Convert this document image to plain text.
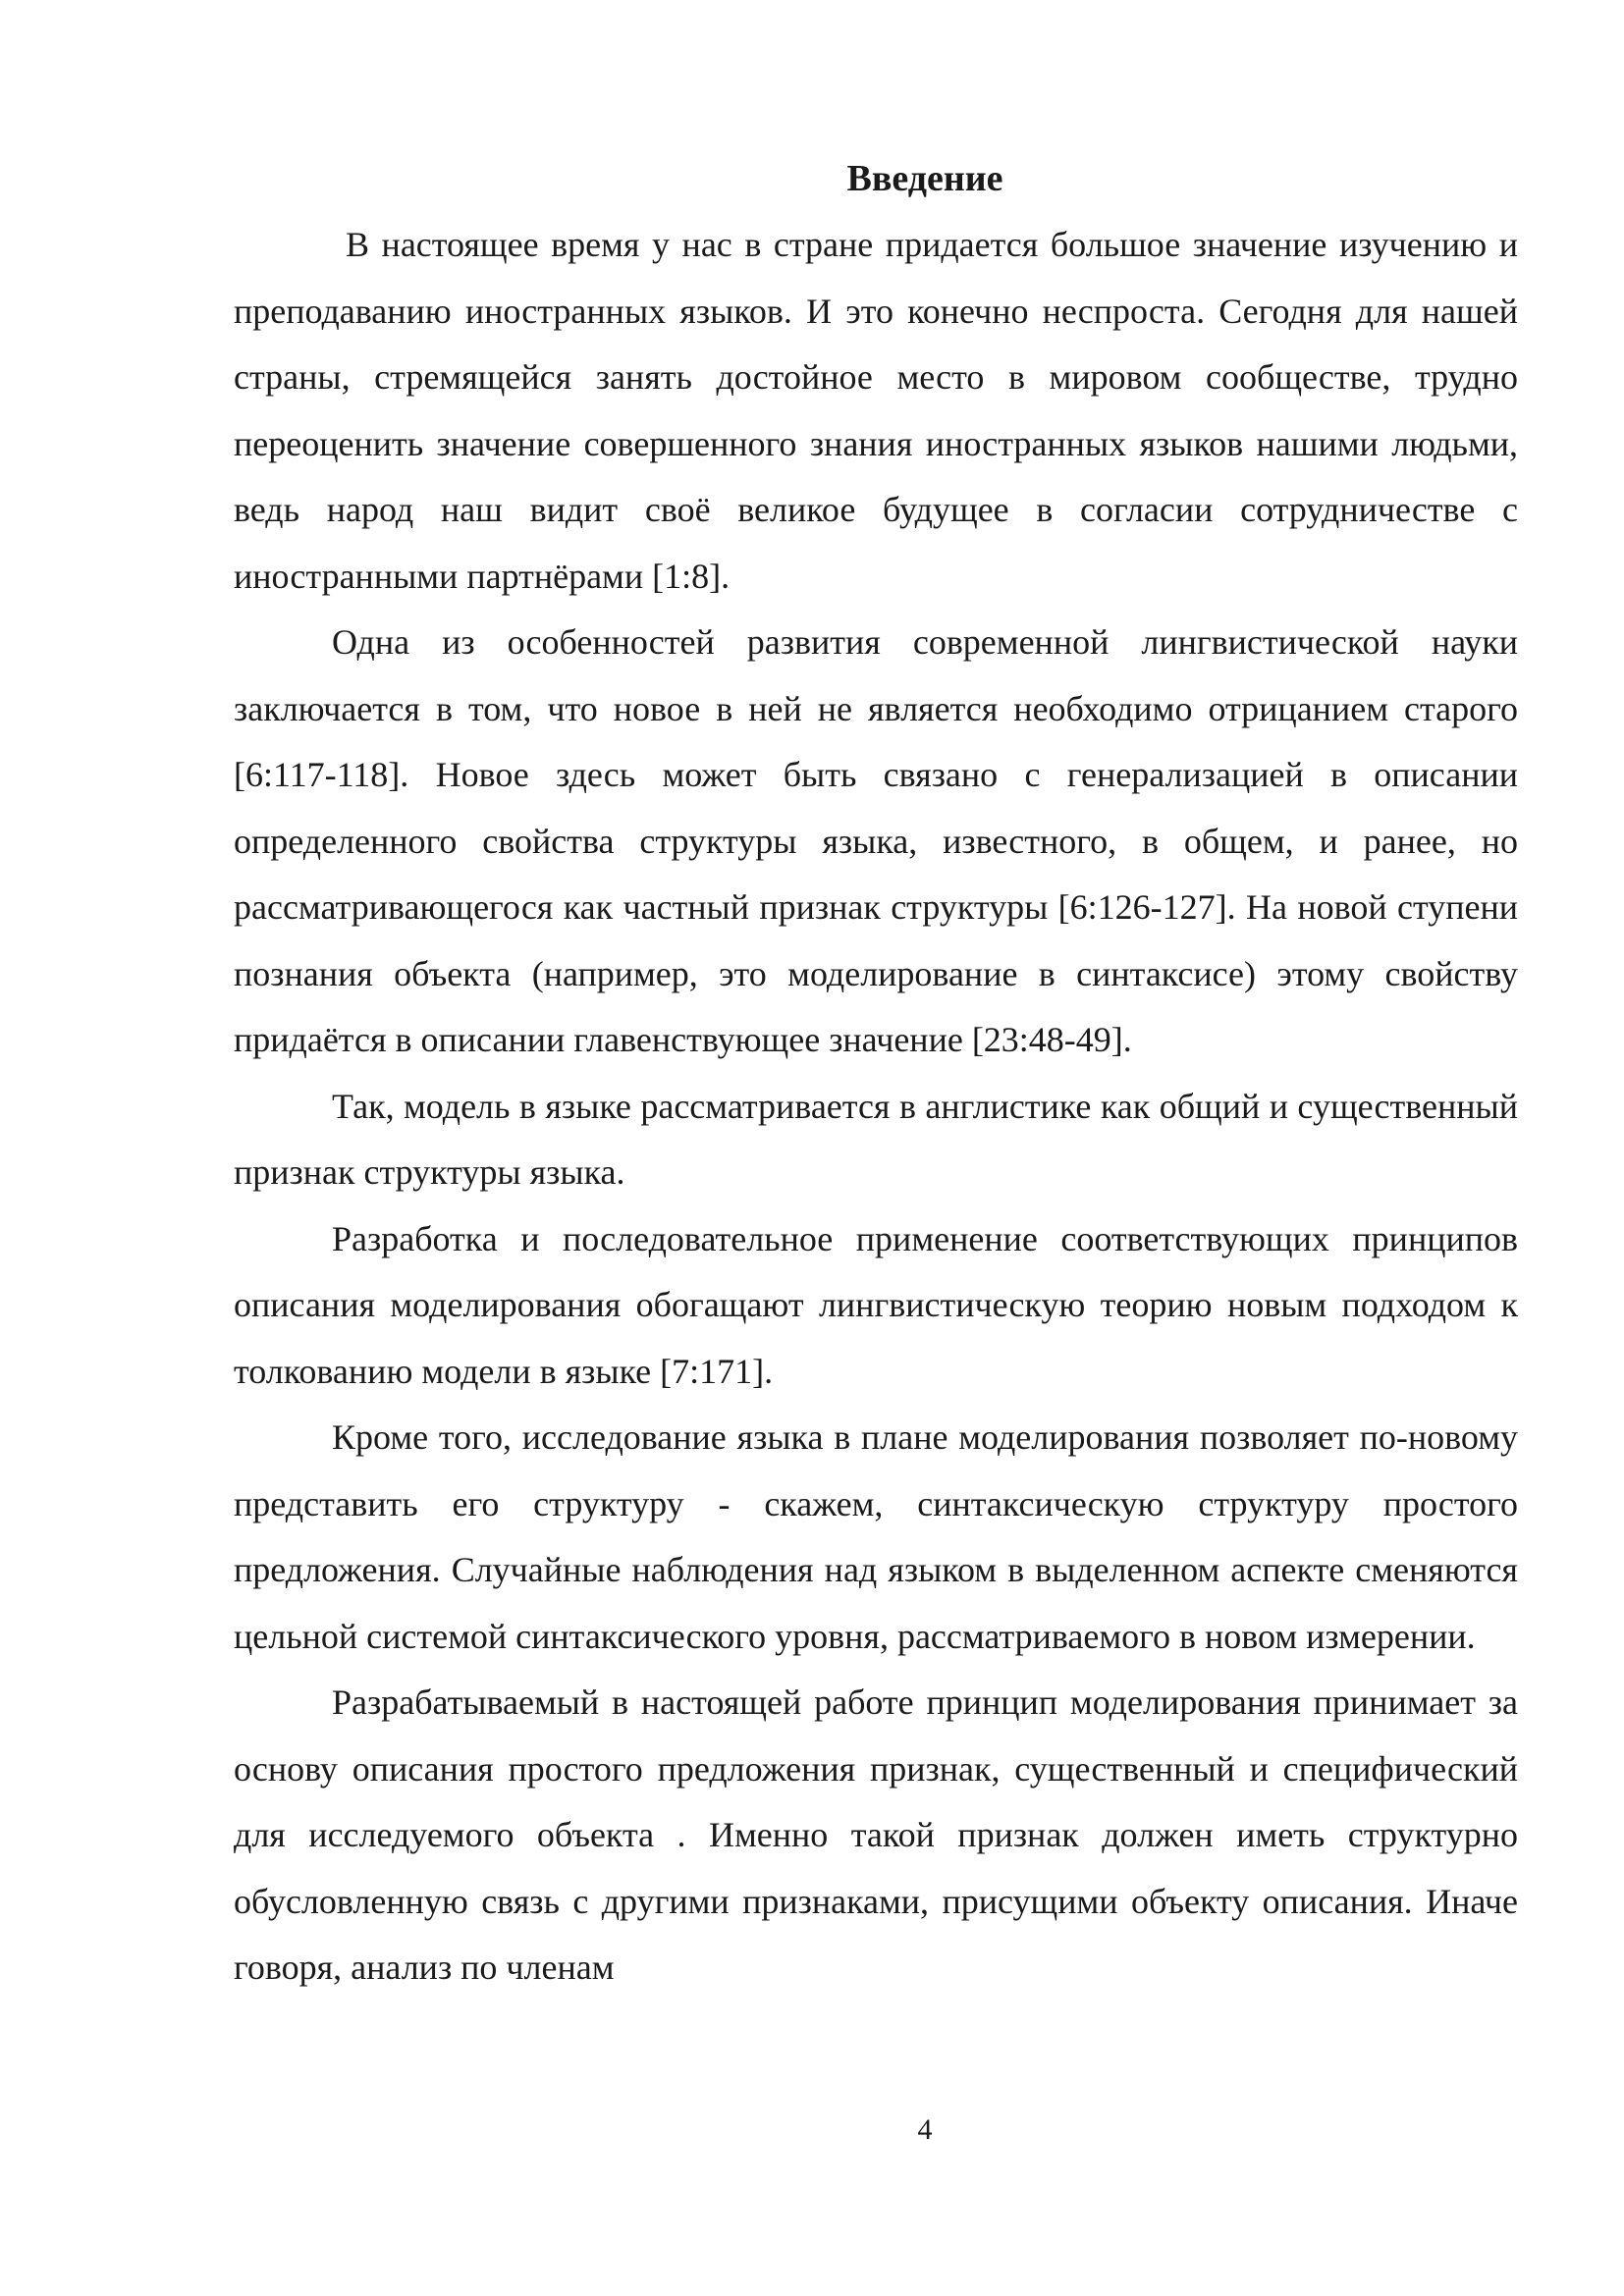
Введение

В настоящее время у нас в стране придается большое значение изучению и преподаванию иностранных языков. И это конечно неспроста. Сегодня для нашей страны, стремящейся занять достойное место в мировом сообществе, трудно переоценить значение совершенного знания иностранных языков нашими людьми, ведь народ наш видит своё великое будущее в согласии сотрудничестве с иностранными партнёрами [1:8].

Одна из особенностей развития современной лингвистической науки заключается в том, что новое в ней не является необходимо отрицанием старого [6:117-118]. Новое здесь может быть связано с генерализацией в описании определенного свойства структуры языка, известного, в общем, и ранее, но рассматривающегося как частный признак структуры [6:126-127]. На новой ступени познания объекта (например, это моделирование в синтаксисе) этому свойству придаётся в описании главенствующее значение [23:48-49].

Так, модель в языке рассматривается в англистике как общий и существенный признак структуры языка.

Разработка и последовательное применение соответствующих принципов описания моделирования обогащают лингвистическую теорию новым подходом к толкованию модели в языке [7:171].

Кроме того, исследование языка в плане моделирования позволяет по-новому представить его структуру - скажем, синтаксическую структуру простого предложения. Случайные наблюдения над языком в выделенном аспекте сменяются цельной системой синтаксического уровня, рассматриваемого в новом измерении.

Разрабатываемый в настоящей работе принцип моделирования принимает за основу описания простого предложения признак, существенный и специфический для исследуемого объекта . Именно такой признак должен иметь структурно обусловленную связь с другими признаками, присущими объекту описания. Иначе говоря, анализ по членам

4
